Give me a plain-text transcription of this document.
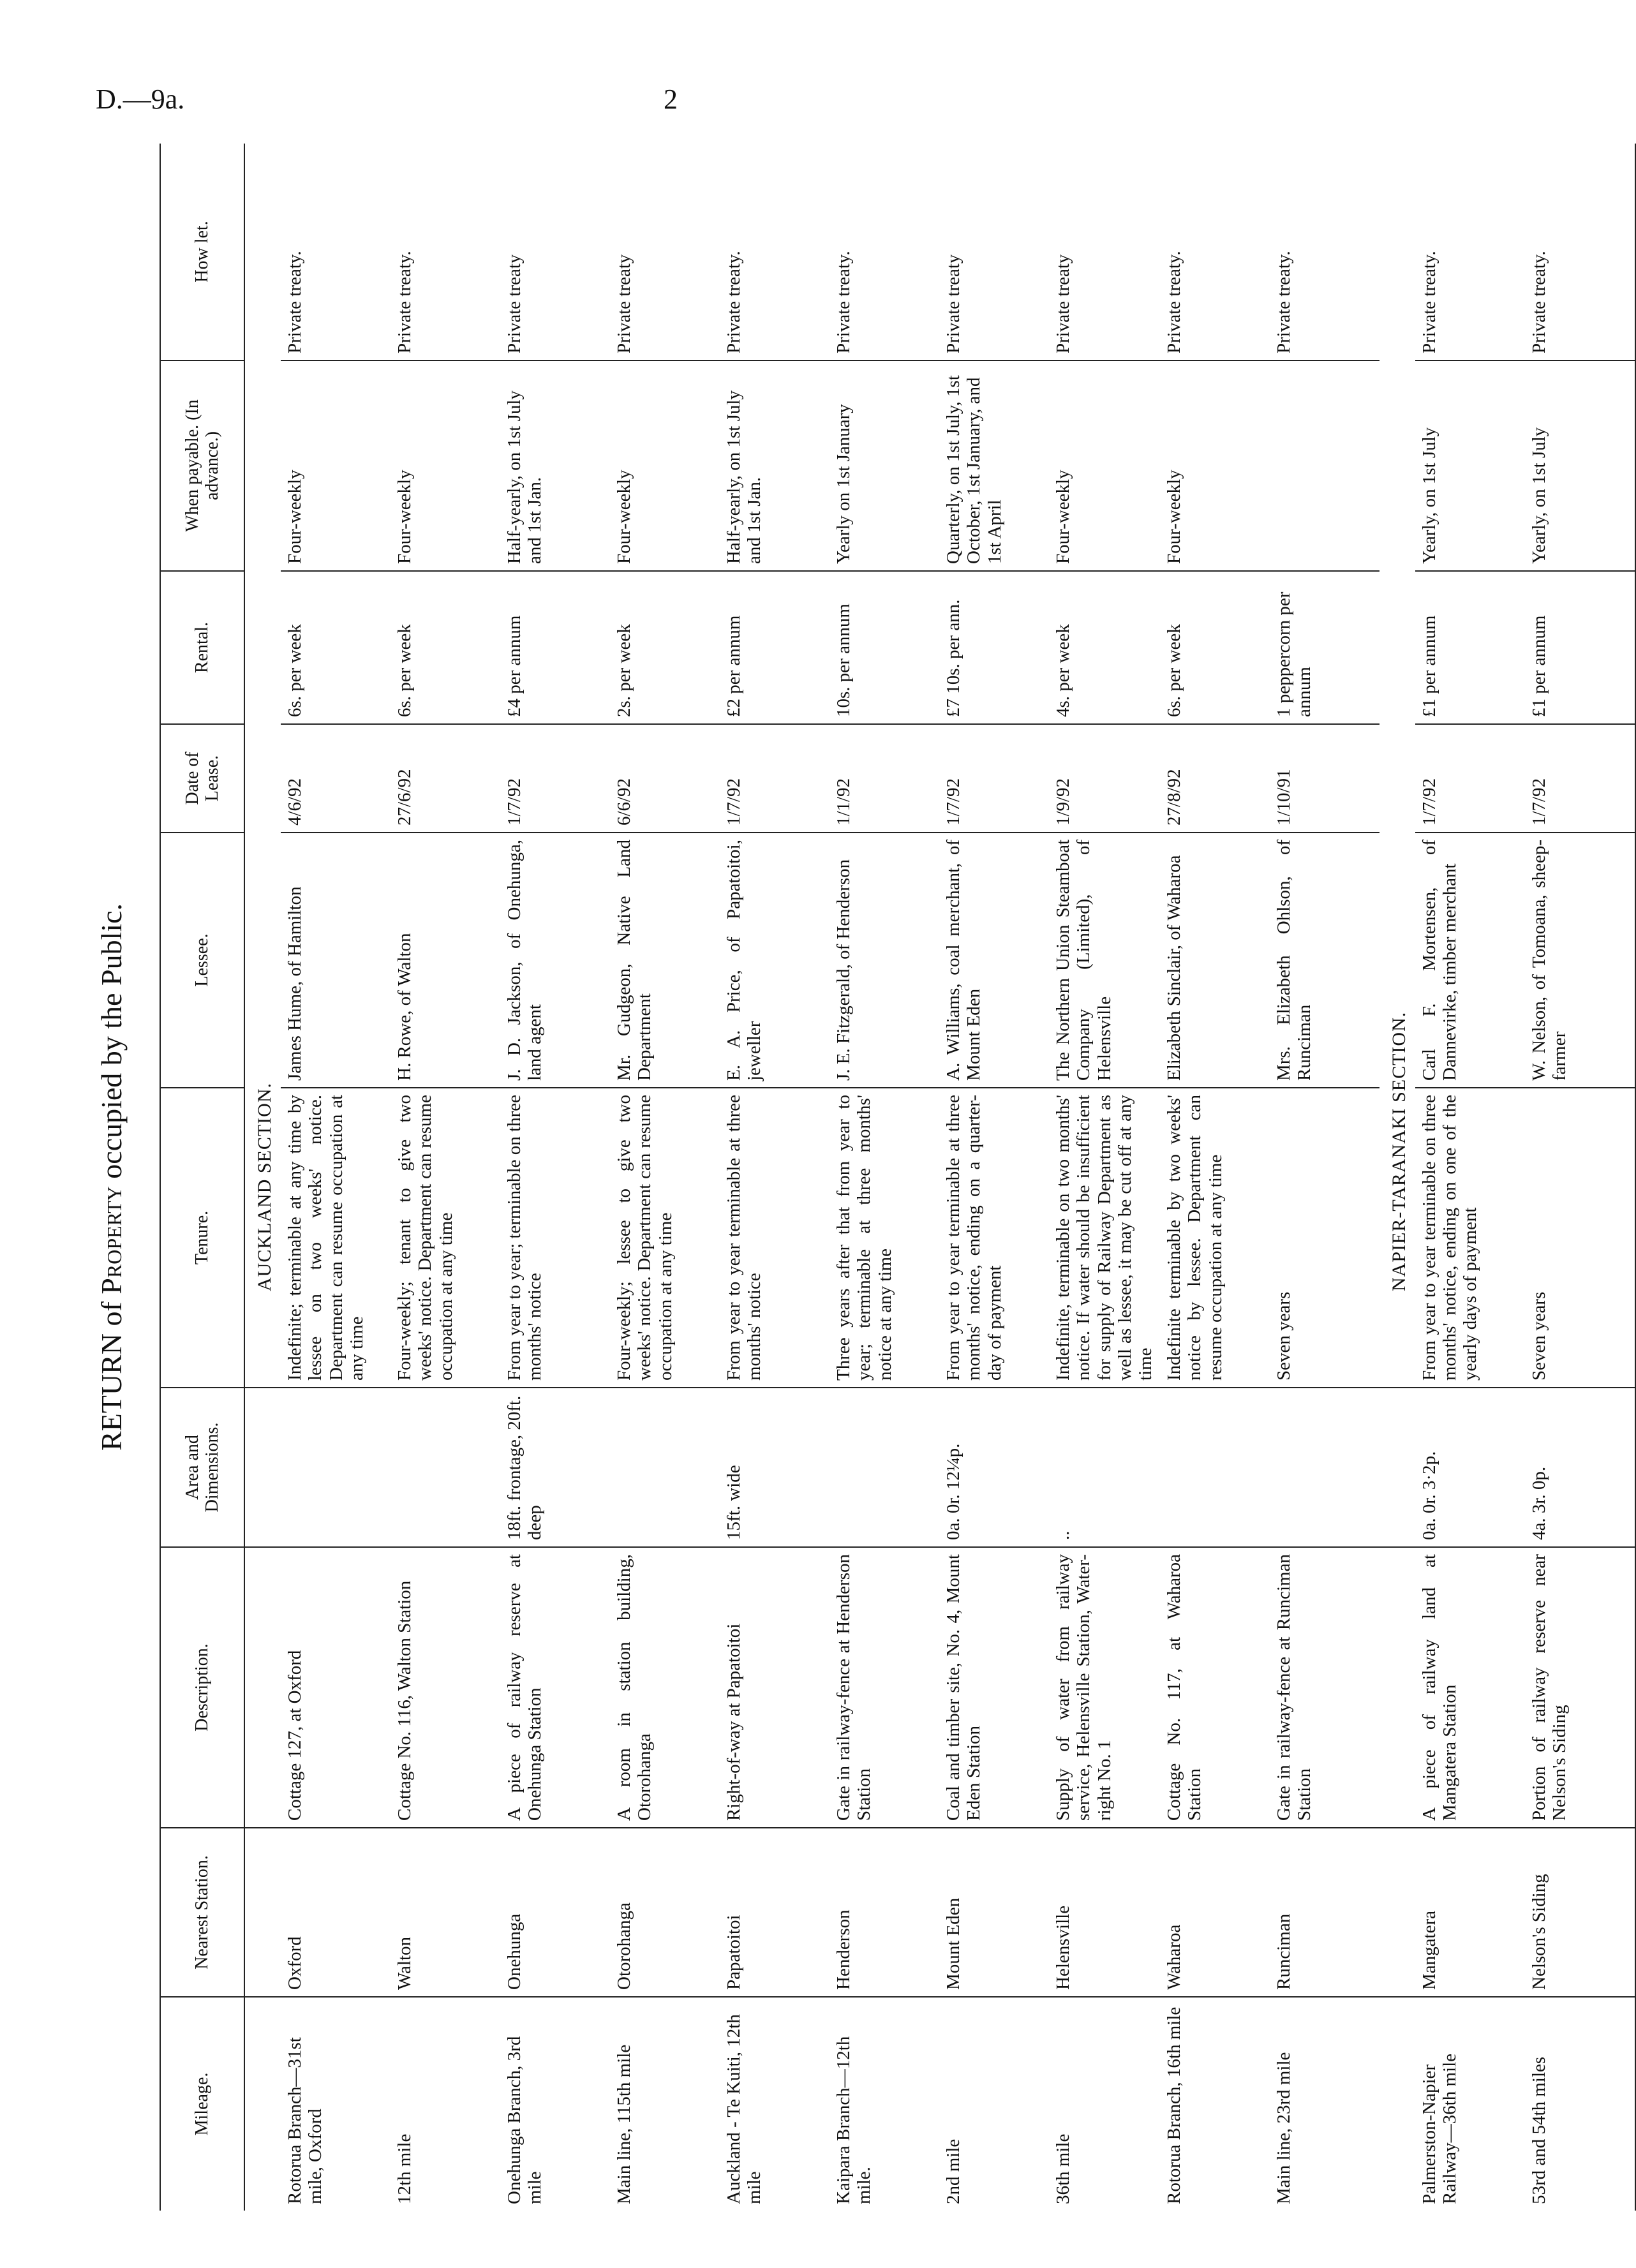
D.—9a.	2
RETURN of Property occupied by the Public.
Mileage.	Nearest Station.	Description.	Area and Dimensions.	Tenure.	Lessee.	Date of Lease.	Rental.	When payable. (In advance.)	How let.
				AUCKLAND SECTION.					
Rotorua Branch—31st mile, Oxford	Oxford	Cottage 127, at Oxford		Indefinite; terminable at any time by lessee on two weeks' notice. Department can resume occupation at any time	James Hume, of Hamilton	4/6/92	6s. per week	Four-weekly	Private treaty.
12th mile	Walton	Cottage No. 116, Walton Station		Four-weekly; tenant to give two weeks' notice. Department can resume occupation at any time	H. Rowe, of Walton	27/6/92	6s. per week	Four-weekly	Private treaty.
Onehunga Branch, 3rd mile	Onehunga	A piece of railway reserve at Onehunga Station	18ft. frontage, 20ft. deep	From year to year; terminable on three months' notice	J. D. Jackson, of Onehunga, land agent	1/7/92	£4 per annum	Half-yearly, on 1st July and 1st Jan.	Private treaty
Main line, 115th mile	Otorohanga	A room in station building, Otorohanga		Four-weekly; lessee to give two weeks' notice. Department can resume occupation at any time	Mr. Gudgeon, Native Land Department	6/6/92	2s. per week	Four-weekly	Private treaty
Auckland - Te Kuiti, 12th mile	Papatoitoi	Right-of-way at Papatoitoi	15ft. wide	From year to year terminable at three months' notice	E. A. Price, of Papatoitoi, jeweller	1/7/92	£2 per annum	Half-yearly, on 1st July and 1st Jan.	Private treaty.
Kaipara Branch—12th mile.	Henderson	Gate in railway-fence at Henderson Station		Three years after that from year to year; terminable at three months' notice at any time	J. E. Fitzgerald, of Henderson	1/1/92	10s. per annum	Yearly on 1st January	Private treaty.
2nd mile	Mount Eden	Coal and timber site, No. 4, Mount Eden Station	0a. 0r. 12¼p.	From year to year terminable at three months' notice, ending on a quarter-day of payment	A. Williams, coal merchant, of Mount Eden	1/7/92	£7 10s. per ann.	Quarterly, on 1st July, 1st October, 1st January, and 1st April	Private treaty
36th mile	Helensville	Supply of water from railway service, Helensville Station, Water-right No. 1	..	Indefinite, terminable on two months' notice. If water should be insufficient for supply of Railway Department as well as lessee, it may be cut off at any time	The Northern Union Steamboat Company (Limited), of Helensville	1/9/92	4s. per week	Four-weekly	Private treaty
Rotorua Branch, 16th mile	Waharoa	Cottage No. 117, at Waharoa Station		Indefinite terminable by two weeks' notice by lessee. Department can resume occupation at any time	Elizabeth Sinclair, of Waharoa	27/8/92	6s. per week	Four-weekly	Private treaty.
Main line, 23rd mile	Runciman	Gate in railway-fence at Runciman Station		Seven years	Mrs. Elizabeth Ohlson, of Runciman	1/10/91	1 peppercorn per annum		Private treaty.
				NAPIER-TARANAKI SECTION.					
Palmerston-Napier Railway—36th mile	Mangatera	A piece of railway land at Mangatera Station	0a. 0r. 3·2p.	From year to year terminable on three months' notice, ending on one of the yearly days of payment	Carl F. Mortensen, of Dannevirke, timber merchant	1/7/92	£1 per annum	Yearly, on 1st July	Private treaty.
53rd and 54th miles	Nelson's Siding	Portion of railway reserve near Nelson's Siding	4a. 3r. 0p.	Seven years	W. Nelson, of Tomoana, sheep-farmer	1/7/92	£1 per annum	Yearly, on 1st July	Private treaty.
